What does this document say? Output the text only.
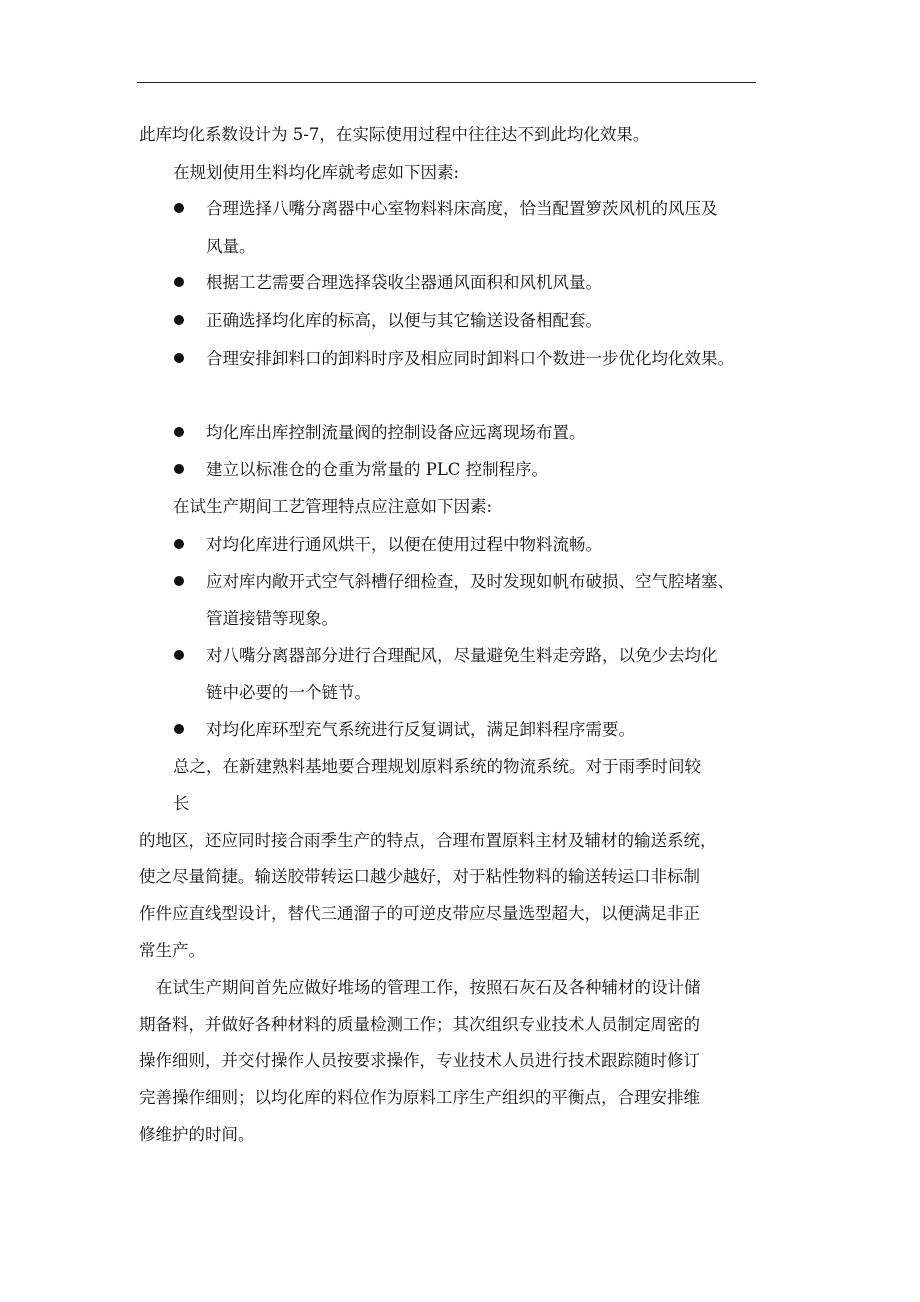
此库均化系数设计为 5-7，在实际使用过程中往往达不到此均化效果。
在规划使用生料均化库就考虑如下因素:
合理选择八嘴分离器中心室物料料床高度，恰当配置箩茨风机的风压及
风量。
根据工艺需要合理选择袋收尘器通风面积和风机风量。
正确选择均化库的标高，以便与其它输送设备相配套。
合理安排卸料口的卸料时序及相应同时卸料口个数进一步优化均化效果。
均化库出库控制流量阀的控制设备应远离现场布置。
建立以标准仓的仓重为常量的 PLC 控制程序。
在试生产期间工艺管理特点应注意如下因素:
对均化库进行通风烘干，以便在使用过程中物料流畅。
应对库内敞开式空气斜槽仔细检查，及时发现如帆布破损、空气腔堵塞、
管道接错等现象。
对八嘴分离器部分进行合理配风，尽量避免生料走旁路，以免少去均化
链中必要的一个链节。
对均化库环型充气系统进行反复调试，满足卸料程序需要。
总之，在新建熟料基地要合理规划原料系统的物流系统。对于雨季时间较
长
的地区，还应同时接合雨季生产的特点，合理布置原料主材及辅材的输送系统，
使之尽量简捷。输送胶带转运口越少越好，对于粘性物料的输送转运口非标制
作件应直线型设计，替代三通溜子的可逆皮带应尽量选型超大，以便满足非正
常生产。
在试生产期间首先应做好堆场的管理工作，按照石灰石及各种辅材的设计储
期备料，并做好各种材料的质量检测工作；其次组织专业技术人员制定周密的
操作细则，并交付操作人员按要求操作，专业技术人员进行技术跟踪随时修订
完善操作细则；以均化库的料位作为原料工序生产组织的平衡点，合理安排维
修维护的时间。
